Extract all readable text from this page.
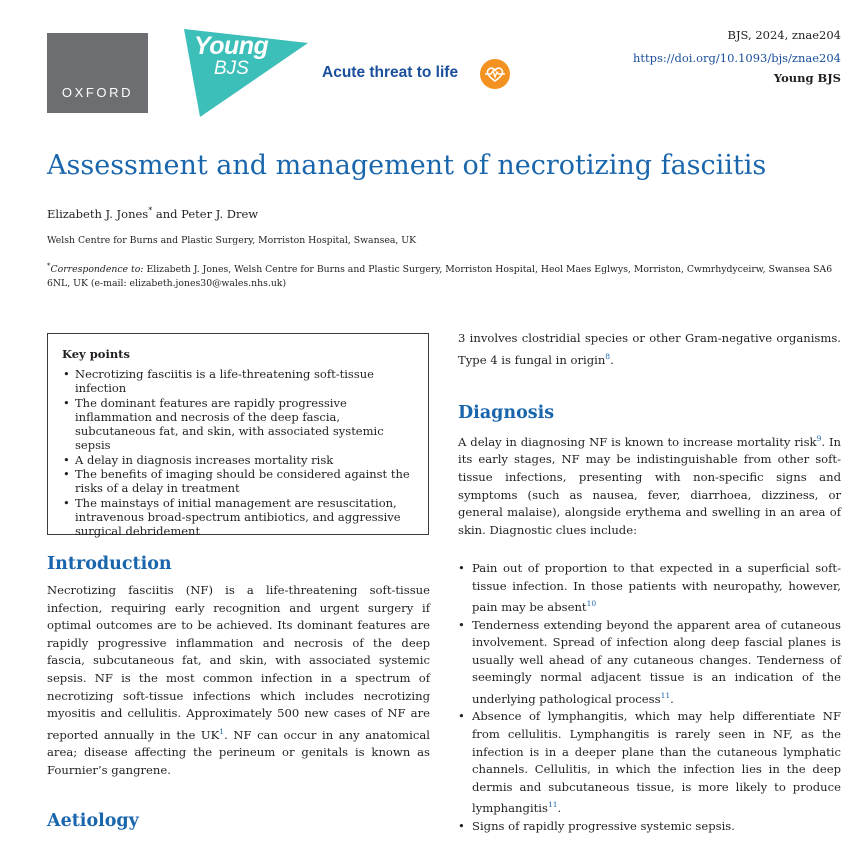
OXFORD
Young
BJS	Acute threat to life
BJS, 2024, znae204
https://doi.org/10.1093/bjs/znae204
Young BJS
Assessment and management of necrotizing fasciitis
Elizabeth J. Jones* and Peter J. Drew
Welsh Centre for Burns and Plastic Surgery, Morriston Hospital, Swansea, UK
*Correspondence to: Elizabeth J. Jones, Welsh Centre for Burns and Plastic Surgery, Morriston Hospital, Heol Maes Eglwys, Morriston, Cwmrhydyceirw, Swansea SA6 6NL, UK (e-mail: elizabeth.jones30@wales.nhs.uk)
Key points
• Necrotizing fasciitis is a life-threatening soft-tissue infection
• The dominant features are rapidly progressive inflammation and necrosis of the deep fascia, subcutaneous fat, and skin, with associated systemic sepsis
• A delay in diagnosis increases mortality risk
• The benefits of imaging should be considered against the risks of a delay in treatment
• The mainstays of initial management are resuscitation, intravenous broad-spectrum antibiotics, and aggressive surgical debridement
Introduction

Necrotizing fasciitis (NF) is a life-threatening soft-tissue infection, requiring early recognition and urgent surgery if optimal outcomes are to be achieved. Its dominant features are rapidly progressive inflammation and necrosis of the deep fascia, subcutaneous fat, and skin, with associated systemic sepsis. NF is the most common infection in a spectrum of necrotizing soft-tissue infections which includes necrotizing myositis and cellulitis. Approximately 500 new cases of NF are reported annually in the $UK^1$. NF can occur in any anatomical area; disease affecting the perineum or genitals is known as Fournier’s gangrene.

Aetiology

3 involves clostridial species or other Gram-negative organisms. Type 4 is fungal in origin$^8$.

Diagnosis

A delay in diagnosing NF is known to increase mortality risk$^9$. In its early stages, NF may be indistinguishable from other soft-tissue infections, presenting with non-specific signs and symptoms (such as nausea, fever, diarrhoea, dizziness, or general malaise), alongside erythema and swelling in an area of skin. Diagnostic clues include:

• Pain out of proportion to that expected in a superficial soft-tissue infection. In those patients with neuropathy, however, pain may be absent$^{10}$
• Tenderness extending beyond the apparent area of cutaneous involvement. Spread of infection along deep fascial planes is usually well ahead of any cutaneous changes. Tenderness of seemingly normal adjacent tissue is an indication of the underlying pathological process$^{11}$.
• Absence of lymphangitis, which may help differentiate NF from cellulitis. Lymphangitis is rarely seen in NF, as the infection is in a deeper plane than the cutaneous lymphatic channels. Cellulitis, in which the infection lies in the deep dermis and subcutaneous tissue, is more likely to produce lymphangitis$^{11}$.
• Signs of rapidly progressive systemic sepsis.
